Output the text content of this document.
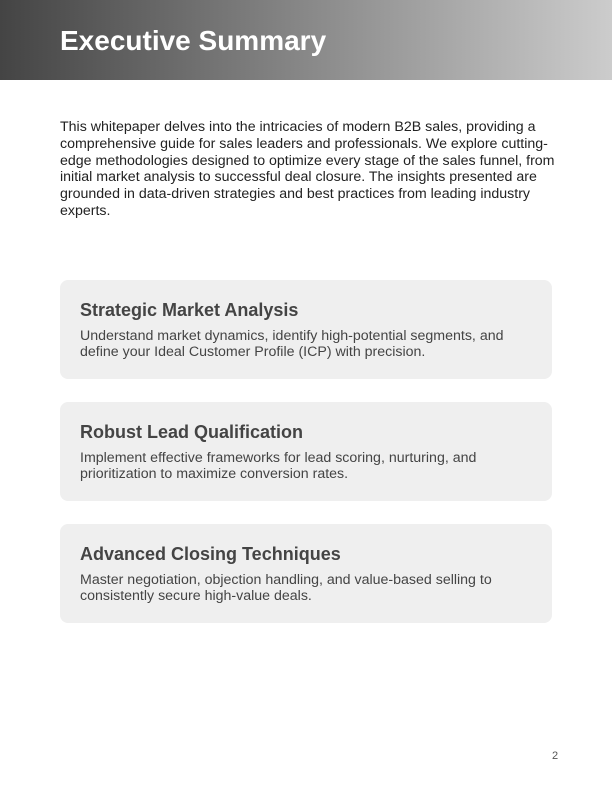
Executive Summary

This whitepaper delves into the intricacies of modern B2B sales, providing a comprehensive guide for sales leaders and professionals. We explore cutting-edge methodologies designed to optimize every stage of the sales funnel, from initial market analysis to successful deal closure. The insights presented are grounded in data-driven strategies and best practices from leading industry experts.

Strategic Market Analysis

Understand market dynamics, identify high-potential segments, and define your Ideal Customer Profile (ICP) with precision.

Robust Lead Qualification

Implement effective frameworks for lead scoring, nurturing, and prioritization to maximize conversion rates.

Advanced Closing Techniques

Master negotiation, objection handling, and value-based selling to consistently secure high-value deals.

2
